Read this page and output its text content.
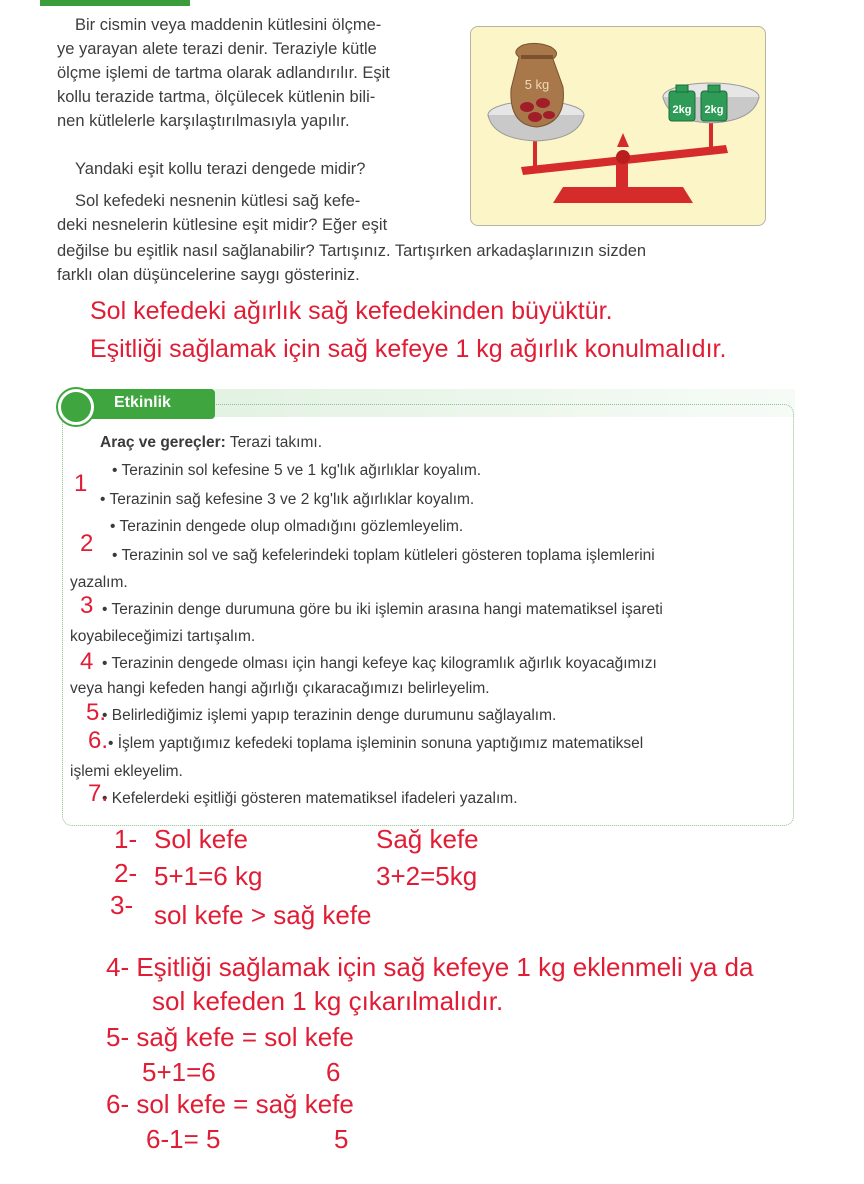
Bir cismin veya maddenin kütlesini ölçme-
ye yarayan alete terazi denir. Teraziyle kütle
ölçme işlemi de tartma olarak adlandırılır. Eşit
kollu terazide tartma, ölçülecek kütlenin bili-
nen kütlelerle karşılaştırılmasıyla yapılır.
Yandaki eşit kollu terazi dengede midir?
Sol kefedeki nesnenin kütlesi sağ kefe-
deki nesnelerin kütlesine eşit midir? Eğer eşit
değilse bu eşitlik nasıl sağlanabilir? Tartışınız. Tartışırken arkadaşlarınızın sizden
farklı olan düşüncelerine saygı gösteriniz.
5 kg
2kg 2kg
Sol kefedeki ağırlık sağ kefedekinden büyüktür.
Eşitliği sağlamak için sağ kefeye 1 kg ağırlık konulmalıdır.
Etkinlik
Araç ve gereçler: Terazi takımı.
• Terazinin sol kefesine 5 ve 1 kg'lık ağırlıklar koyalım.
• Terazinin sağ kefesine 3 ve 2 kg'lık ağırlıklar koyalım.
• Terazinin dengede olup olmadığını gözlemleyelim.
• Terazinin sol ve sağ kefelerindeki toplam kütleleri gösteren toplama işlemlerini
yazalım.
• Terazinin denge durumuna göre bu iki işlemin arasına hangi matematiksel işareti
koyabileceğimizi tartışalım.
• Terazinin dengede olması için hangi kefeye kaç kilogramlık ağırlık koyacağımızı
veya hangi kefeden hangi ağırlığı çıkaracağımızı belirleyelim.
• Belirlediğimiz işlemi yapıp terazinin denge durumunu sağlayalım.
• İşlem yaptığımız kefedeki toplama işleminin sonuna yaptığımız matematiksel
işlemi ekleyelim.
• Kefelerdeki eşitliği gösteren matematiksel ifadeleri yazalım.
1
2
3
4
5.
6.
7.
1- Sol kefe	Sağ kefe
2- 5+1=6 kg	3+2=5kg
3- sol kefe > sağ kefe
4- Eşitliği sağlamak için sağ kefeye 1 kg eklenmeli ya da
sol kefeden 1 kg çıkarılmalıdır.
5- sağ kefe = sol kefe
5+1=6	6
6- sol kefe = sağ kefe
6-1= 5	5
